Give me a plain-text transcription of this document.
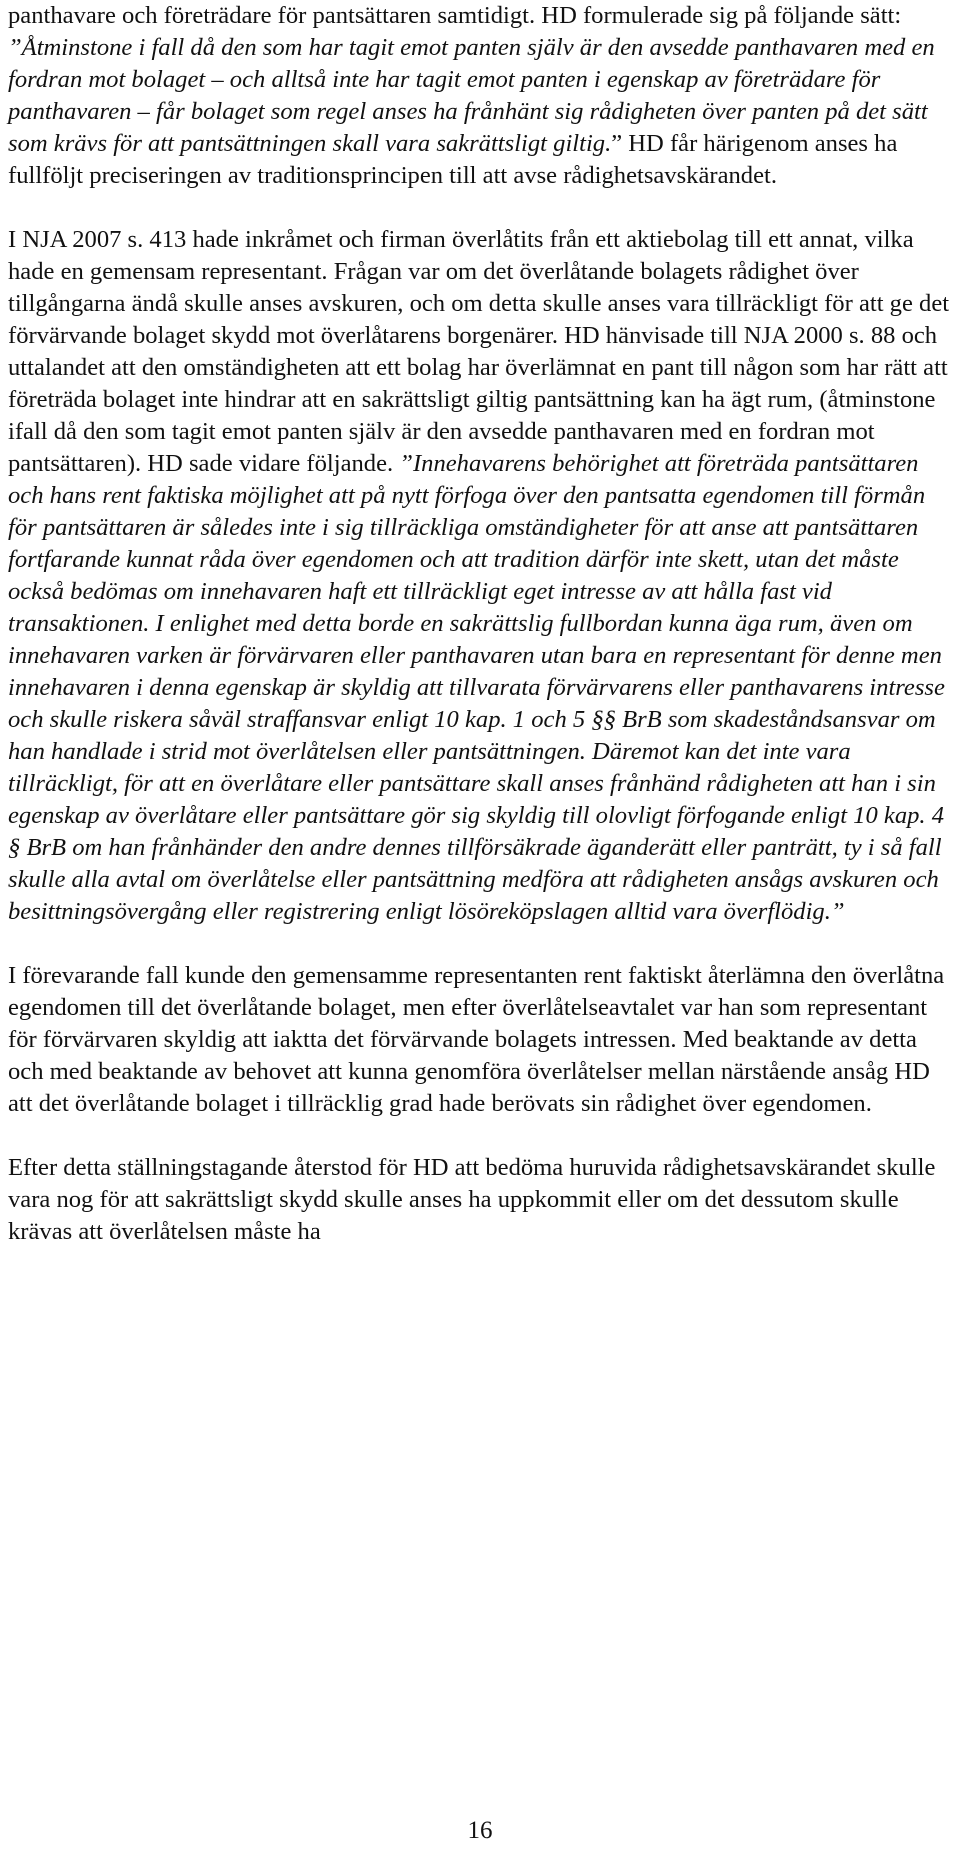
panthavare och företrädare för pantsättaren samtidigt. HD formulerade sig på följande sätt: ”Åtminstone i fall då den som har tagit emot panten själv är den avsedde panthavaren med en fordran mot bolaget – och alltså inte har tagit emot panten i egenskap av företrädare för panthavaren – får bolaget som regel anses ha frånhänt sig rådigheten över panten på det sätt som krävs för att pantsättningen skall vara sakrättsligt giltig.” HD får härigenom anses ha fullföljt preciseringen av traditionsprincipen till att avse rådighetsavskärandet.

I NJA 2007 s. 413 hade inkråmet och firman överlåtits från ett aktiebolag till ett annat, vilka hade en gemensam representant. Frågan var om det överlåtande bolagets rådighet över tillgångarna ändå skulle anses avskuren, och om detta skulle anses vara tillräckligt för att ge det förvärvande bolaget skydd mot överlåtarens borgenärer. HD hänvisade till NJA 2000 s. 88 och uttalandet att den omständigheten att ett bolag har överlämnat en pant till någon som har rätt att företräda bolaget inte hindrar att en sakrättsligt giltig pantsättning kan ha ägt rum, (åtminstone ifall då den som tagit emot panten själv är den avsedde panthavaren med en fordran mot pantsättaren). HD sade vidare följande. ”Innehavarens behörighet att företräda pantsättaren och hans rent faktiska möjlighet att på nytt förfoga över den pantsatta egendomen till förmån för pantsättaren är således inte i sig tillräckliga omständigheter för att anse att pantsättaren fortfarande kunnat råda över egendomen och att tradition därför inte skett, utan det måste också bedömas om innehavaren haft ett tillräckligt eget intresse av att hålla fast vid transaktionen. I enlighet med detta borde en sakrättslig fullbordan kunna äga rum, även om innehavaren varken är förvärvaren eller panthavaren utan bara en representant för denne men innehavaren i denna egenskap är skyldig att tillvarata förvärvarens eller panthavarens intresse och skulle riskera såväl straffansvar enligt 10 kap. 1 och 5 §§ BrB som skadeståndsansvar om han handlade i strid mot överlåtelsen eller pantsättningen. Däremot kan det inte vara tillräckligt, för att en överlåtare eller pantsättare skall anses frånhänd rådigheten att han i sin egenskap av överlåtare eller pantsättare gör sig skyldig till olovligt förfogande enligt 10 kap. 4 § BrB om han frånhänder den andre dennes tillförsäkrade äganderätt eller panträtt, ty i så fall skulle alla avtal om överlåtelse eller pantsättning medföra att rådigheten ansågs avskuren och besittningsövergång eller registrering enligt lösöreköpslagen alltid vara överflödig.”

I förevarande fall kunde den gemensamme representanten rent faktiskt återlämna den överlåtna egendomen till det överlåtande bolaget, men efter överlåtelseavtalet var han som representant för förvärvaren skyldig att iaktta det förvärvande bolagets intressen. Med beaktande av detta och med beaktande av behovet att kunna genomföra överlåtelser mellan närstående ansåg HD att det överlåtande bolaget i tillräcklig grad hade berövats sin rådighet över egendomen.

Efter detta ställningstagande återstod för HD att bedöma huruvida rådighetsavskärandet skulle vara nog för att sakrättsligt skydd skulle anses ha uppkommit eller om det dessutom skulle krävas att överlåtelsen måste ha

16
